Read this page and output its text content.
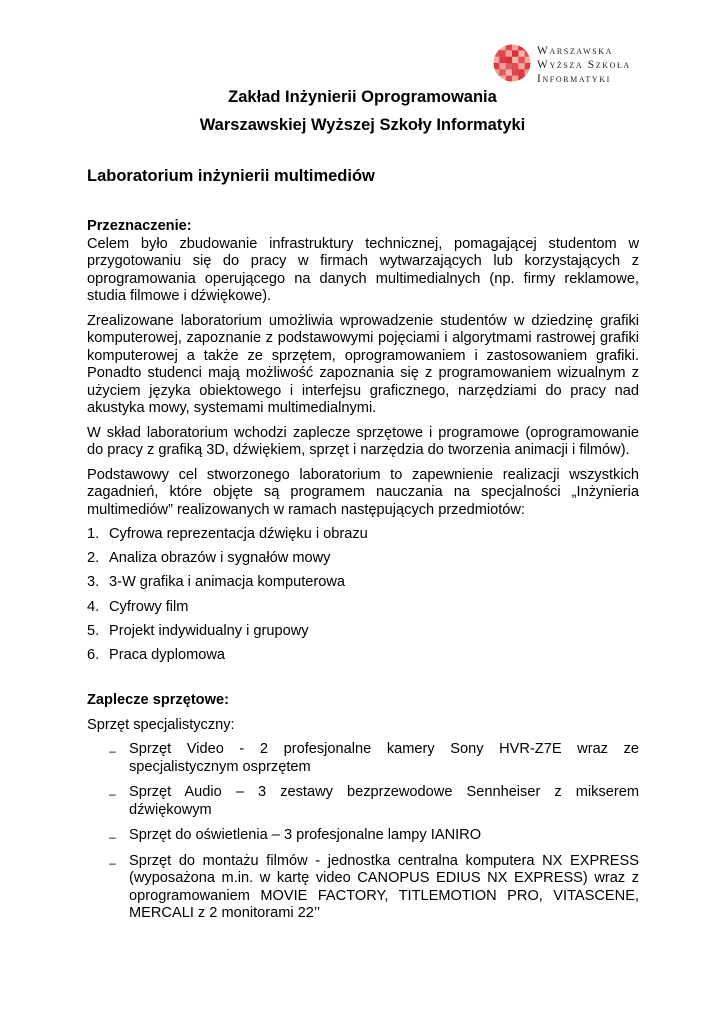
Warszawska
Wyższa Szkoła
Informatyki
Zakład Inżynierii Oprogramowania
Warszawskiej Wyższej Szkoły Informatyki
Laboratorium inżynierii multimediów

Przeznaczenie:

Celem było zbudowanie infrastruktury technicznej, pomagającej studentom w przygotowaniu się do pracy w firmach wytwarzających lub korzystających z oprogramowania operującego na danych multimedialnych (np. firmy reklamowe, studia filmowe i dźwiękowe).

Zrealizowane laboratorium umożliwia wprowadzenie studentów w dziedzinę grafiki komputerowej, zapoznanie z podstawowymi pojęciami i algorytmami rastrowej grafiki komputerowej a także ze sprzętem, oprogramowaniem i zastosowaniem grafiki. Ponadto studenci mają możliwość zapoznania się z programowaniem wizualnym z użyciem języka obiektowego i interfejsu graficznego, narzędziami do pracy nad akustyka mowy, systemami multimedialnymi.

W skład laboratorium wchodzi zaplecze sprzętowe i programowe (oprogramowanie do pracy z grafiką 3D, dźwiękiem, sprzęt i narzędzia do tworzenia animacji i filmów).

Podstawowy cel stworzonego laboratorium to zapewnienie realizacji wszystkich zagadnień, które objęte są programem nauczania na specjalności „Inżynieria multimediów” realizowanych w ramach następujących przedmiotów:

1. Cyfrowa reprezentacja dźwięku i obrazu
2. Analiza obrazów i sygnałów mowy
3. 3-W grafika i animacja komputerowa
4. Cyfrowy film
5. Projekt indywidualny i grupowy
6. Praca dyplomowa

Zaplecze sprzętowe:

Sprzęt specjalistyczny:

– Sprzęt Video - 2 profesjonalne kamery Sony HVR-Z7E wraz ze specjalistycznym osprzętem
– Sprzęt Audio – 3 zestawy bezprzewodowe Sennheiser z mikserem dźwiękowym
– Sprzęt do oświetlenia – 3 profesjonalne lampy IANIRO
– Sprzęt do montażu filmów - jednostka centralna komputera NX EXPRESS (wyposażona m.in. w kartę video CANOPUS EDIUS NX EXPRESS) wraz z oprogramowaniem MOVIE FACTORY, TITLEMOTION PRO, VITASCENE, MERCALI z 2 monitorami 22’’
